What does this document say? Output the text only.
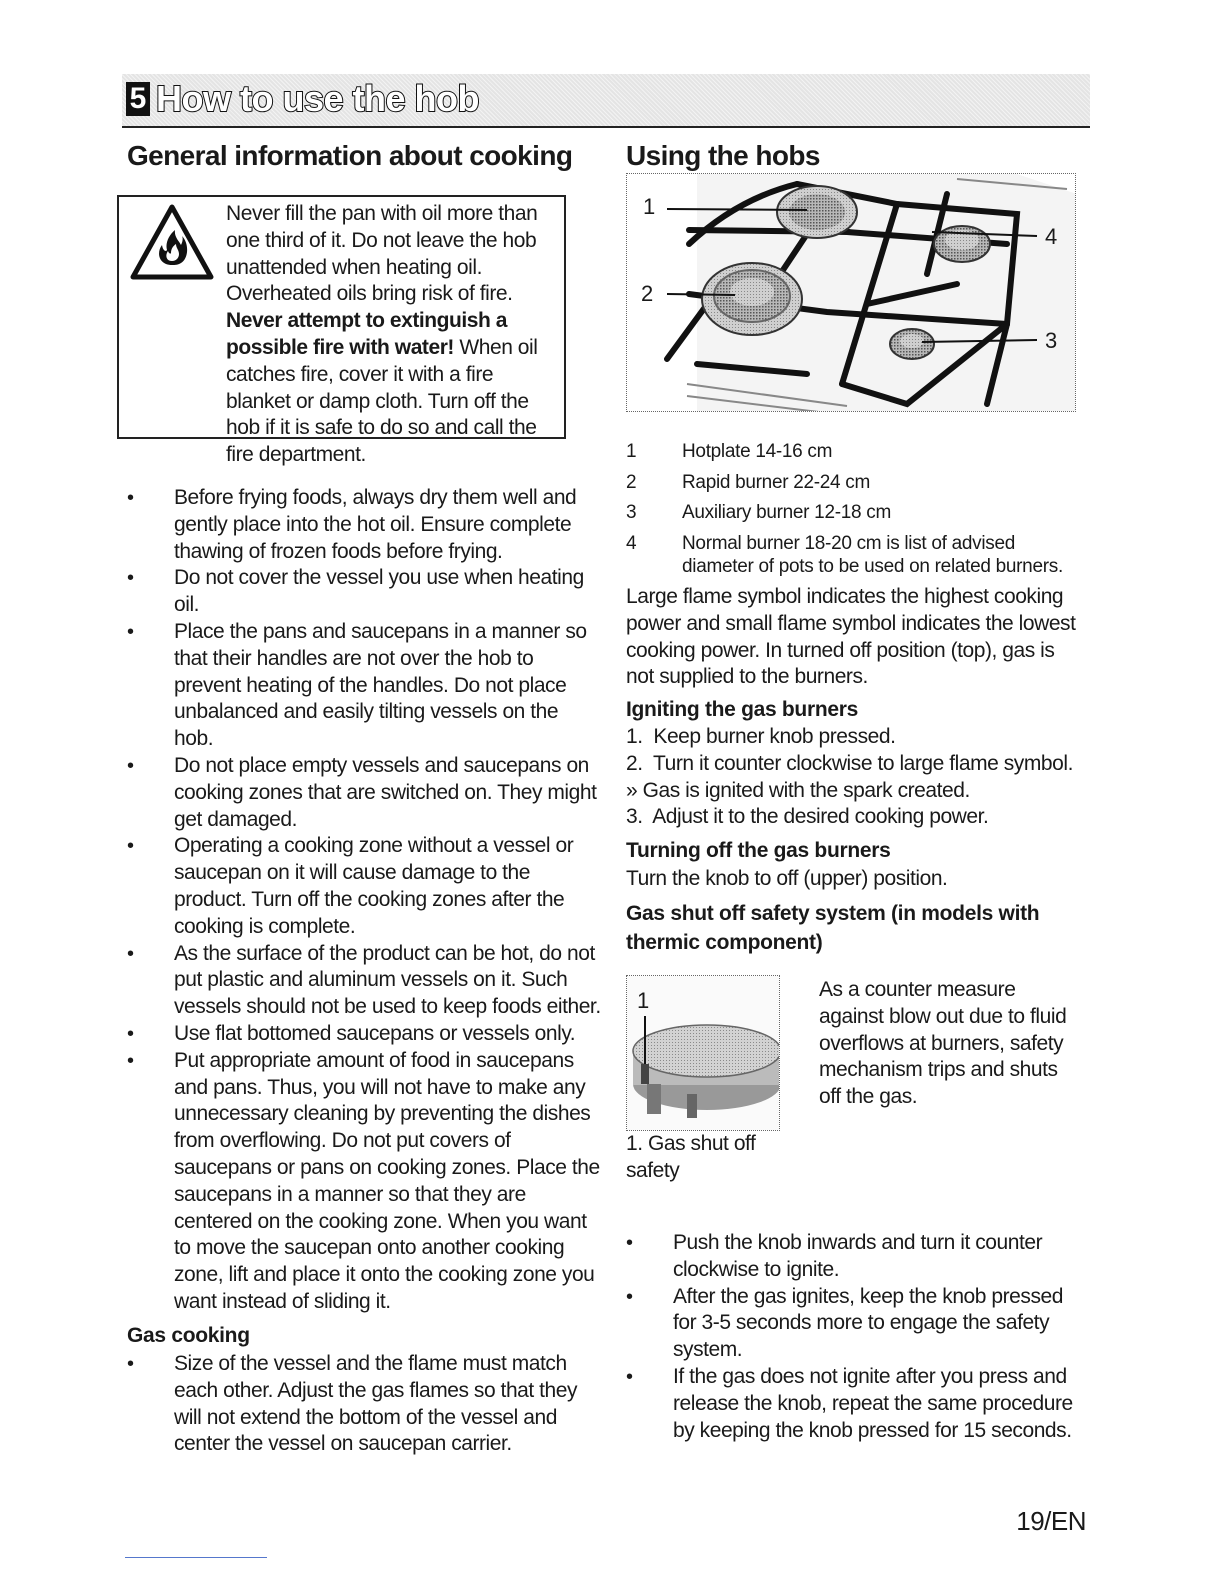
5 How to use the hob
General information about cooking
Never fill the pan with oil more than one third of it. Do not leave the hob unattended when heating oil. Overheated oils bring risk of fire. Never attempt to extinguish a possible fire with water! When oil catches fire, cover it with a fire blanket or damp cloth. Turn off the hob if it is safe to do so and call the fire department.
• Before frying foods, always dry them well and gently place into the hot oil. Ensure complete thawing of frozen foods before frying.
• Do not cover the vessel you use when heating oil.
• Place the pans and saucepans in a manner so that their handles are not over the hob to prevent heating of the handles. Do not place unbalanced and easily tilting vessels on the hob.
• Do not place empty vessels and saucepans on cooking zones that are switched on. They might get damaged.
• Operating a cooking zone without a vessel or saucepan on it will cause damage to the product. Turn off the cooking zones after the cooking is complete.
• As the surface of the product can be hot, do not put plastic and aluminum vessels on it. Such vessels should not be used to keep foods either.
• Use flat bottomed saucepans or vessels only.
• Put appropriate amount of food in saucepans and pans. Thus, you will not have to make any unnecessary cleaning by preventing the dishes from overflowing. Do not put covers of saucepans or pans on cooking zones. Place the saucepans in a manner so that they are centered on the cooking zone. When you want to move the saucepan onto another cooking zone, lift and place it onto the cooking zone you want instead of sliding it.
Gas cooking
• Size of the vessel and the flame must match each other. Adjust the gas flames so that they will not extend the bottom of the vessel and center the vessel on saucepan carrier.
Using the hobs
1
2
3
4
1 Hotplate 14-16 cm
2 Rapid burner 22-24 cm
3 Auxiliary burner 12-18 cm
4 Normal burner 18-20 cm is list of advised
diameter of pots to be used on related burners.
Large flame symbol indicates the highest cooking power and small flame symbol indicates the lowest cooking power. In turned off position (top), gas is not supplied to the burners.
Igniting the gas burners
1.  Keep burner knob pressed.
2.  Turn it counter clockwise to large flame symbol.
» Gas is ignited with the spark created.
3.  Adjust it to the desired cooking power.
Turning off the gas burners
Turn the knob to off (upper) position.
Gas shut off safety system (in models with thermic component)
1
1. Gas shut off safety
As a counter measure against blow out due to fluid overflows at burners, safety mechanism trips and shuts off the gas.
• Push the knob inwards and turn it counter clockwise to ignite.
• After the gas ignites, keep the knob pressed for 3-5 seconds more to engage the safety system.
• If the gas does not ignite after you press and release the knob, repeat the same procedure by keeping the knob pressed for 15 seconds.
19/EN
